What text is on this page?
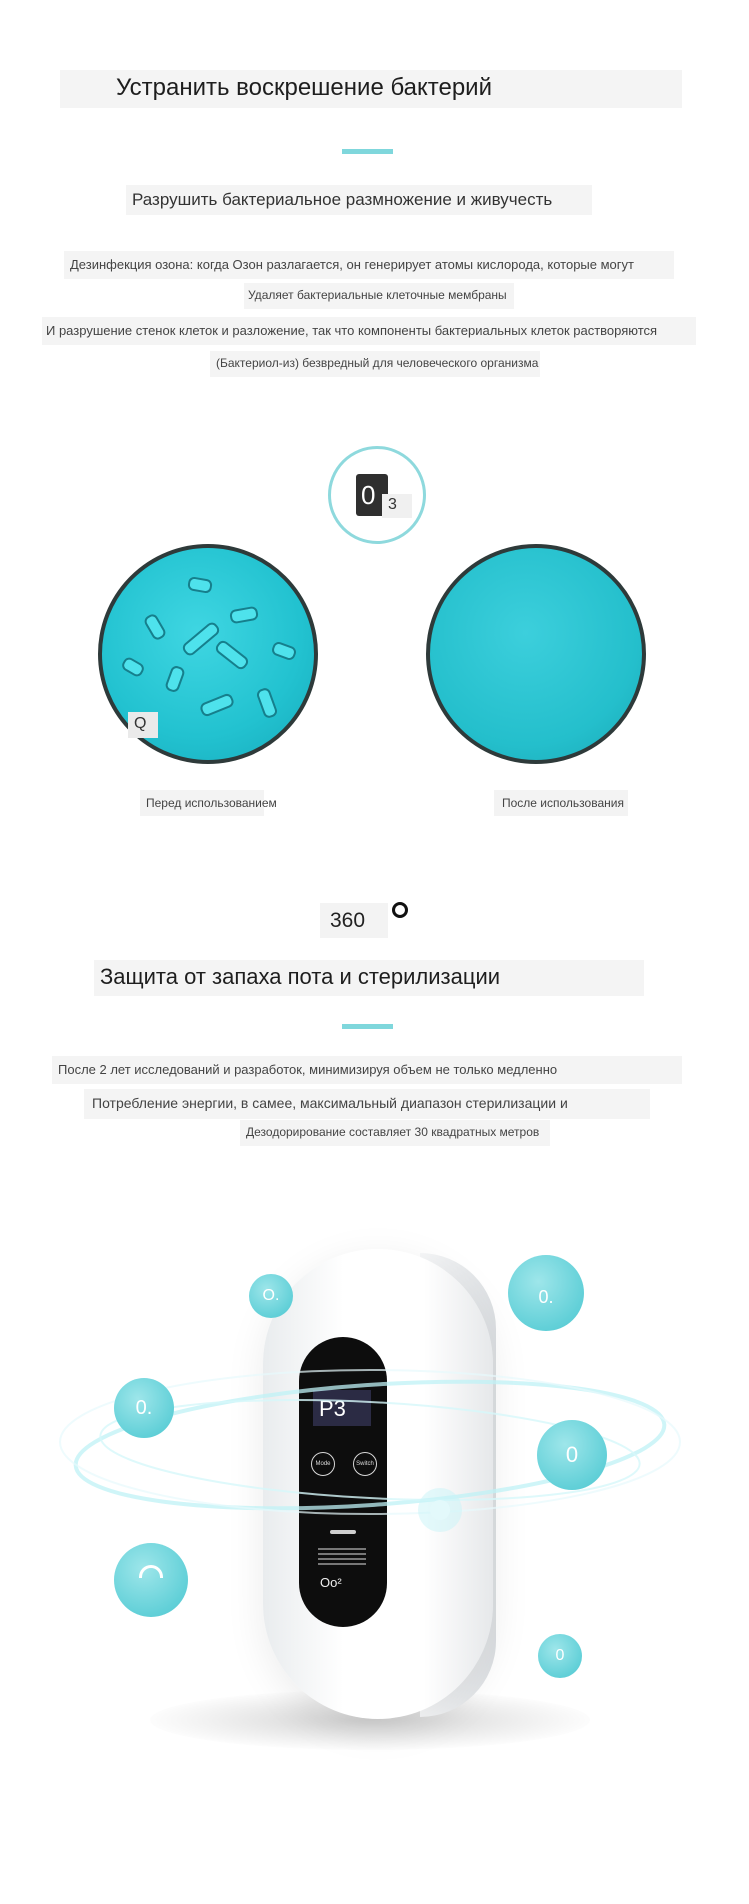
Устранить воскрешение бактерий
Разрушить бактериальное размножение и живучесть
Дезинфекция озона: когда Озон разлагается, он генерирует атомы кислорода, которые могут
Удаляет бактериальные клеточные мембраны
И разрушение стенок клеток и разложение, так что компоненты бактериальных клеток растворяются
(Бактериол-из) безвредный для человеческого организма
0 3
Q
Перед использованием	После использования
360
Защита от запаха пота и стерилизации
После 2 лет исследований и разработок, минимизируя объем не только медленно
Потребление энергии, в самее, максимальный диапазон стерилизации и
Дезодорирование составляет 30 квадратных метров
P3
Mode	Switch
Oo²
O.	0.
0.
0
0
